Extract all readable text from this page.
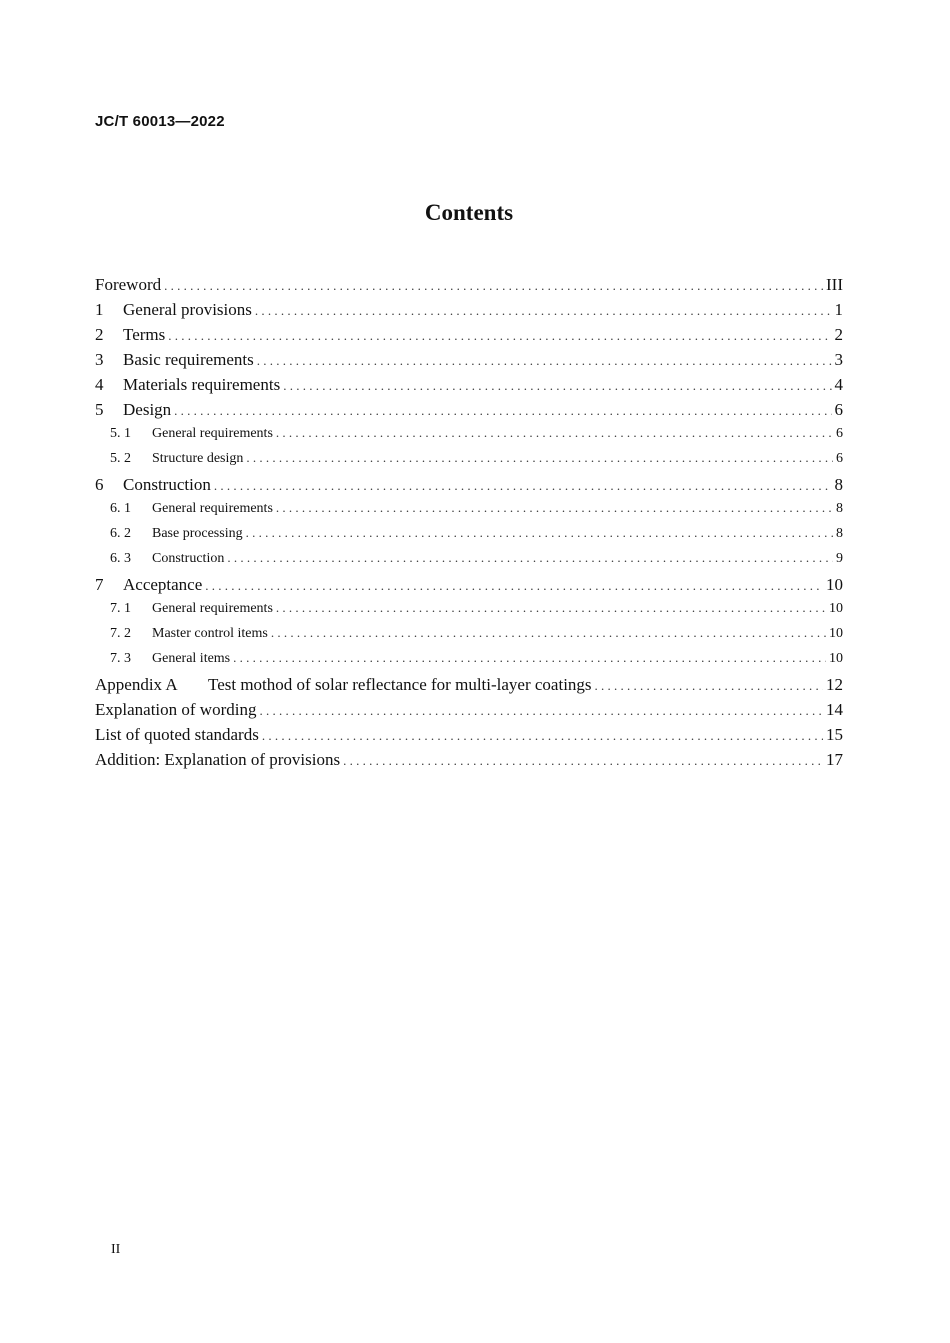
JC/T 60013—2022
Contents
Foreword . . .	III
1	General provisions . . .	1
2	Terms . . .	2
3	Basic requirements . . .	3
4	Materials requirements . . .	4
5	Design . . .	6
5. 1	General requirements . . .	6
5. 2	Structure design . . .	6
6	Construction . . .	8
6. 1	General requirements . . .	8
6. 2	Base processing . . .	8
6. 3	Construction . . .	9
7	Acceptance . . .	10
7. 1	General requirements . . .	10
7. 2	Master control items . . .	10
7. 3	General items . . .	10
Appendix A	Test mothod of solar reflectance for multi-layer coatings . . .	12
Explanation of wording . . .	14
List of quoted standards . . .	15
Addition: Explanation of provisions . . .	17
II
